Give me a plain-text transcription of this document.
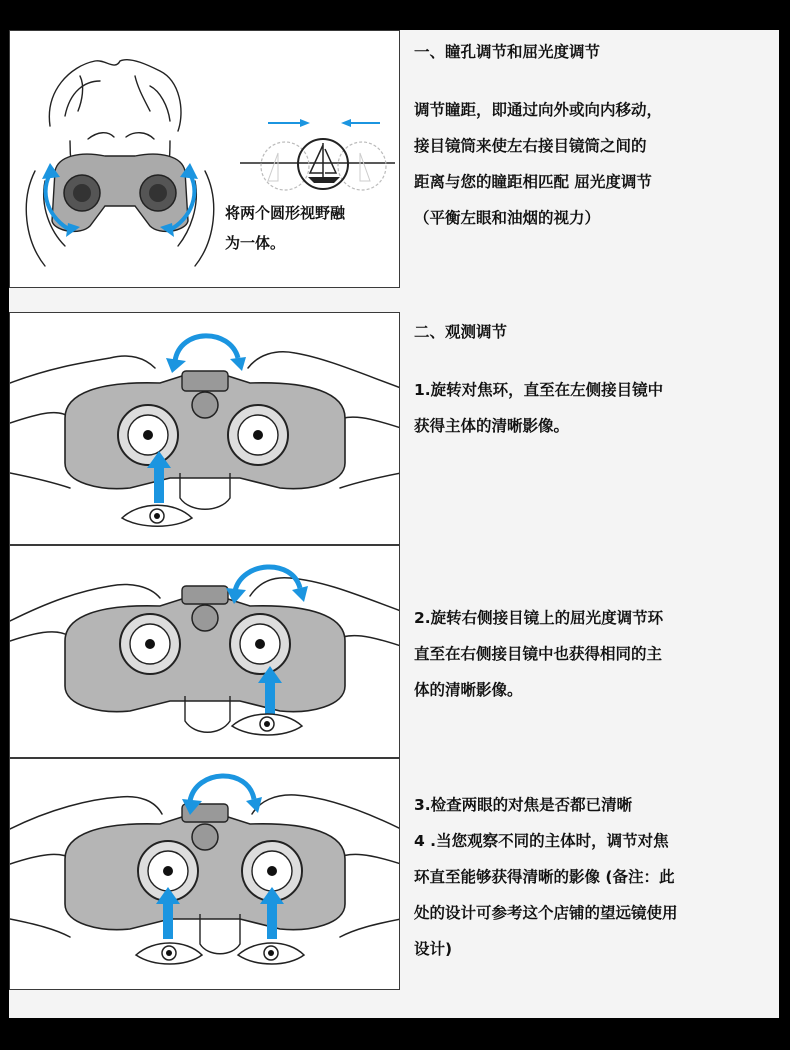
将两个圆形视野融
为一体。
一、瞳孔调节和屈光度调节
调节瞳距，即通过向外或向内移动，
接目镜筒来使左右接目镜筒之间的
距离与您的瞳距相匹配 屈光度调节
（平衡左眼和油烟的视力）
二、观测调节
1.旋转对焦环，直至在左侧接目镜中
获得主体的清晰影像。
2.旋转右侧接目镜上的屈光度调节环
直至在右侧接目镜中也获得相同的主
体的清晰影像。
3.检查两眼的对焦是否都已清晰
4 .当您观察不同的主体时，调节对焦
环直至能够获得清晰的影像 (备注：此
处的设计可参考这个店铺的望远镜使用
设计)
